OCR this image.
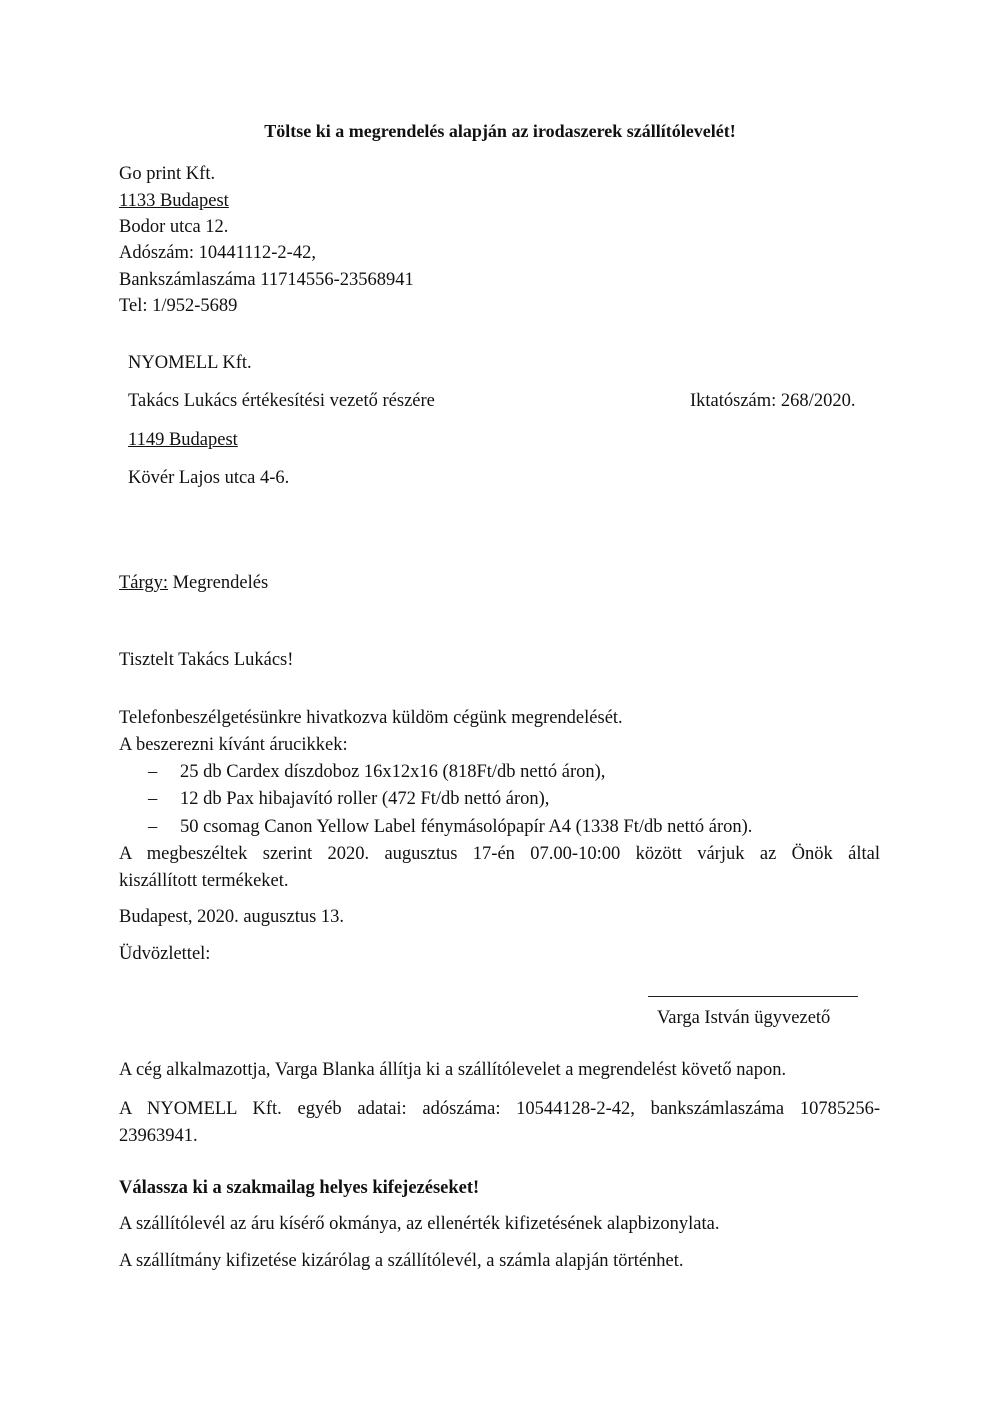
Töltse ki a megrendelés alapján az irodaszerek szállítólevelét!
Go print Kft.
1133 Budapest
Bodor utca 12.
Adószám: 10441112-2-42,
Bankszámlaszáma 11714556-23568941
Tel: 1/952-5689
NYOMELL Kft.
Takács Lukács értékesítési vezető részére	Iktatószám: 268/2020.
1149 Budapest
Kövér Lajos utca 4-6.
Tárgy: Megrendelés
Tisztelt Takács Lukács!
Telefonbeszélgetésünkre hivatkozva küldöm cégünk megrendelését.
A beszerezni kívánt árucikkek:
–	25 db Cardex díszdoboz 16x12x16 (818Ft/db nettó áron),
–	12 db Pax hibajavító roller (472 Ft/db nettó áron),
–	50 csomag Canon Yellow Label fénymásolópapír A4 (1338 Ft/db nettó áron).
A megbeszéltek szerint 2020. augusztus 17-én 07.00-10:00 között várjuk az Önök által
kiszállított termékeket.
Budapest, 2020. augusztus 13.
Üdvözlettel:
Varga István ügyvezető
A cég alkalmazottja, Varga Blanka állítja ki a szállítólevelet a megrendelést követő napon.
A NYOMELL Kft. egyéb adatai: adószáma: 10544128-2-42, bankszámlaszáma 10785256-
23963941.
Válassza ki a szakmailag helyes kifejezéseket!
A szállítólevél az áru kísérő okmánya, az ellenérték kifizetésének alapbizonylata.
A szállítmány kifizetése kizárólag a szállítólevél, a számla alapján történhet.
